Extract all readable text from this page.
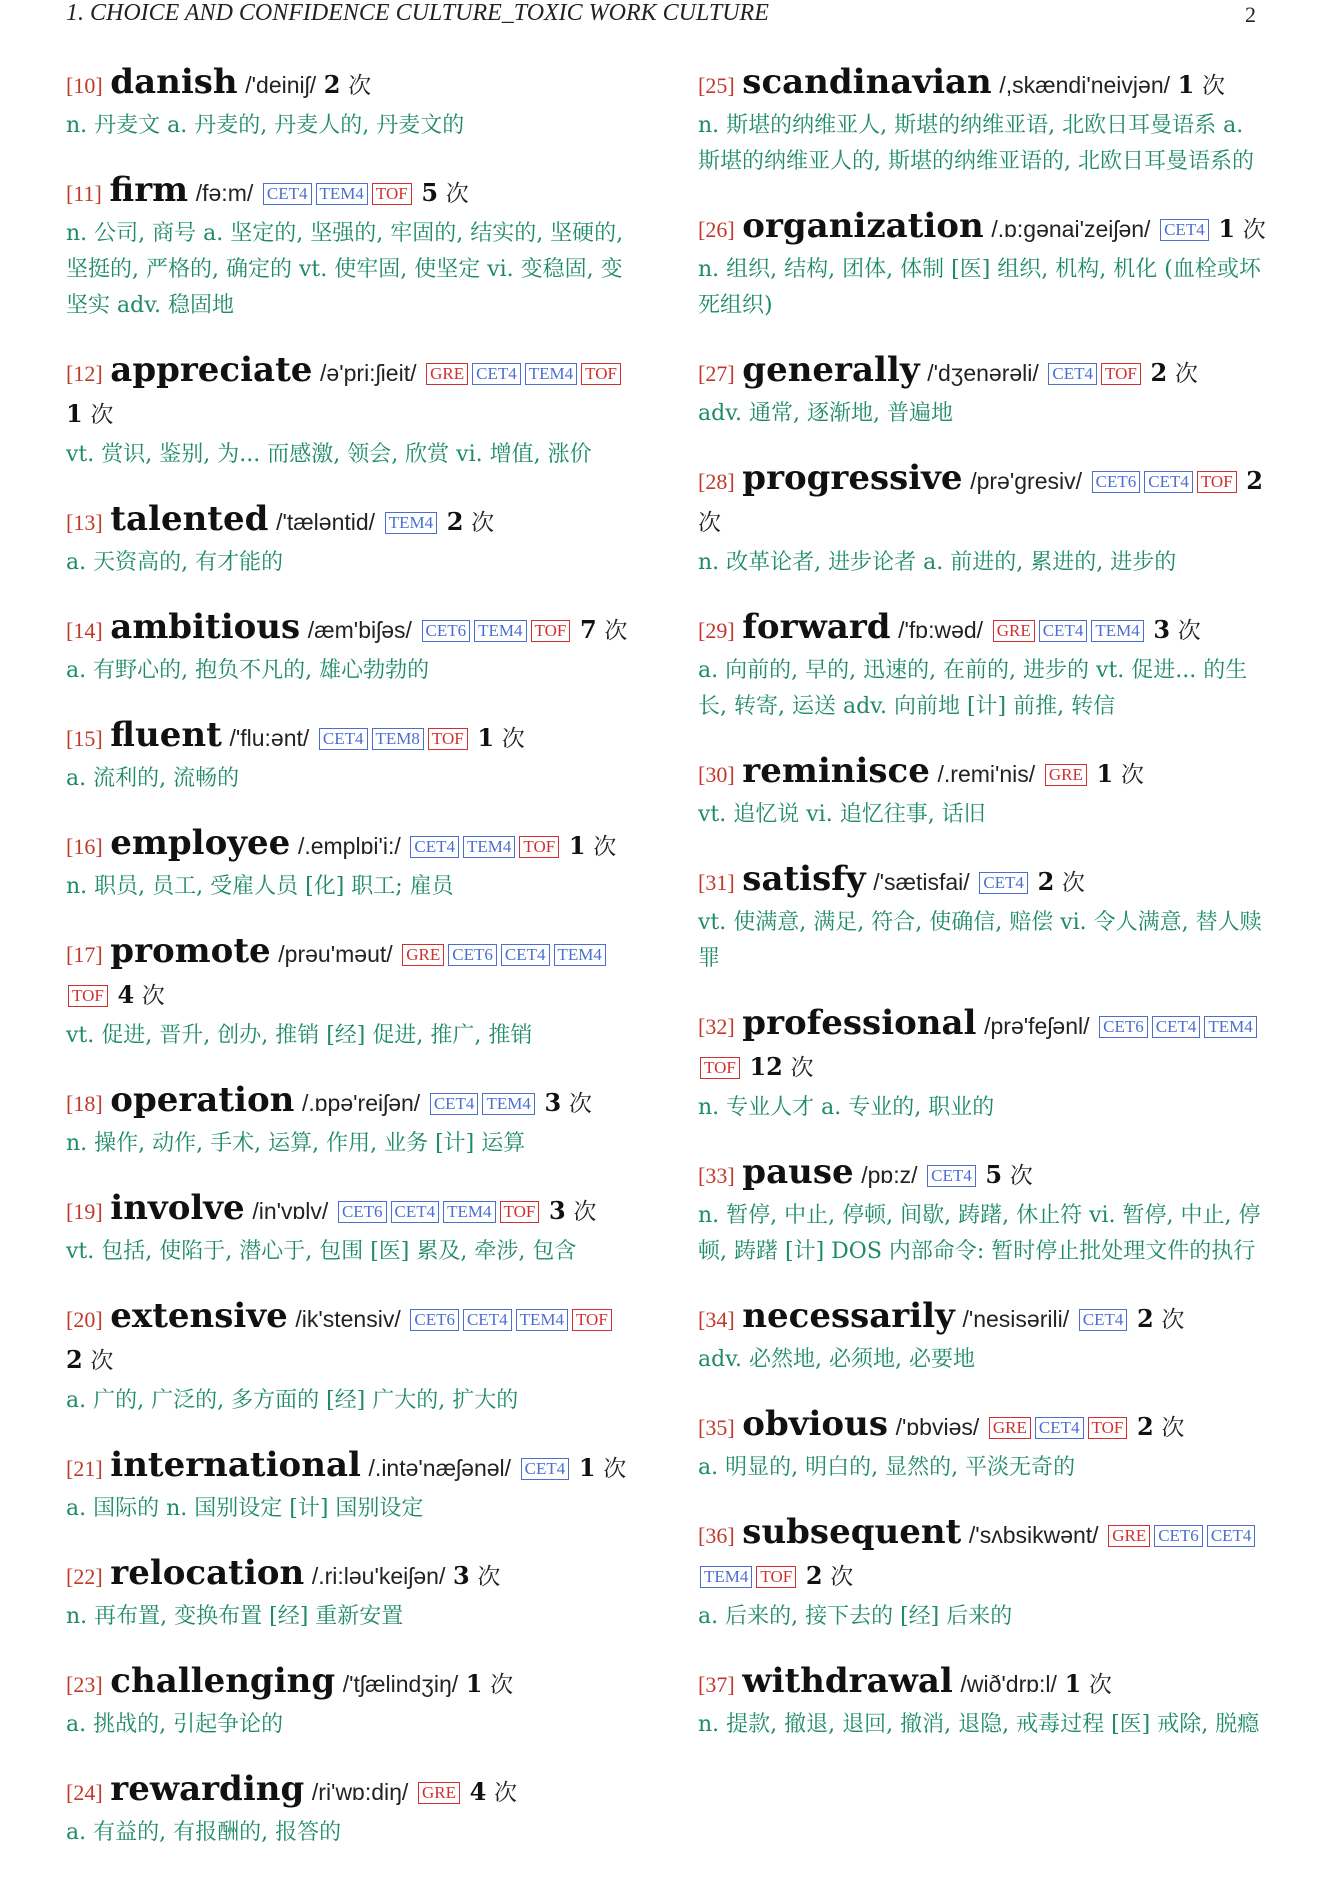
1. CHOICE AND CONFIDENCE CULTURE_TOXIC WORK CULTURE	2
[10] danish /'deiniʃ/ 2 次
n. 丹麦文 a. 丹麦的, 丹麦人的, 丹麦文的
[11] firm /fə:m/ CET4 TEM4 TOF 5 次
n. 公司, 商号 a. 坚定的, 坚强的, 牢固的, 结实的, 坚硬的, 坚挺的, 严格的, 确定的 vt. 使牢固, 使坚定 vi. 变稳固, 变坚实 adv. 稳固地
[12] appreciate /ə'pri:ʃieit/ GRE CET4 TEM4 TOF 1 次
vt. 赏识, 鉴别, 为... 而感激, 领会, 欣赏 vi. 增值, 涨价
[13] talented /'tæləntid/ TEM4 2 次
a. 天资高的, 有才能的
[14] ambitious /æm'biʃəs/ CET6 TEM4 TOF 7 次
a. 有野心的, 抱负不凡的, 雄心勃勃的
[15] fluent /'flu:ənt/ CET4 TEM8 TOF 1 次
a. 流利的, 流畅的
[16] employee /.emplɒi'i:/ CET4 TEM4 TOF 1 次
n. 职员, 员工, 受雇人员 [化] 职工; 雇员
[17] promote /prəu'məut/ GRE CET6 CET4 TEM4TOF 4 次
vt. 促进, 晋升, 创办, 推销 [经] 促进, 推广, 推销
[18] operation /.ɒpə'reiʃən/ CET4 TEM4 3 次
n. 操作, 动作, 手术, 运算, 作用, 业务 [计] 运算
[19] involve /in'vɒlv/ CET6 CET4 TEM4 TOF 3 次
vt. 包括, 使陷于, 潜心于, 包围 [医] 累及, 牵涉, 包含
[20] extensive /ik'stensiv/ CET6 CET4 TEM4 TOF 2 次
a. 广的, 广泛的, 多方面的 [经] 广大的, 扩大的
[21] international /.intə'næʃənəl/ CET4 1 次
a. 国际的 n. 国别设定 [计] 国别设定
[22] relocation /.ri:ləu'keiʃən/ 3 次
n. 再布置, 变换布置 [经] 重新安置
[23] challenging /'tʃælindʒiŋ/ 1 次
a. 挑战的, 引起争论的
[24] rewarding /ri'wɒ:diŋ/ GRE 4 次
a. 有益的, 有报酬的, 报答的
[25] scandinavian /,skændi'neivjən/ 1 次
n. 斯堪的纳维亚人, 斯堪的纳维亚语, 北欧日耳曼语系 a. 斯堪的纳维亚人的, 斯堪的纳维亚语的, 北欧日耳曼语系的
[26] organization /.ɒ:gənai'zeiʃən/ CET4 1 次
n. 组织, 结构, 团体, 体制 [医] 组织, 机构, 机化 (血栓或坏死组织)
[27] generally /'dʒenərəli/ CET4 TOF 2 次
adv. 通常, 逐渐地, 普遍地
[28] progressive /prə'gresiv/ CET6 CET4 TOF 2 次
n. 改革论者, 进步论者 a. 前进的, 累进的, 进步的
[29] forward /'fɒ:wəd/ GRE CET4 TEM4 3 次
a. 向前的, 早的, 迅速的, 在前的, 进步的 vt. 促进... 的生长, 转寄, 运送 adv. 向前地 [计] 前推, 转信
[30] reminisce /.remi'nis/ GRE 1 次
vt. 追忆说 vi. 追忆往事, 话旧
[31] satisfy /'sætisfai/ CET4 2 次
vt. 使满意, 满足, 符合, 使确信, 赔偿 vi. 令人满意, 替人赎罪
[32] professional /prə'feʃənl/ CET6 CET4 TEM4TOF 12 次
n. 专业人才 a. 专业的, 职业的
[33] pause /pɒ:z/ CET4 5 次
n. 暂停, 中止, 停顿, 间歇, 踌躇, 休止符 vi. 暂停, 中止, 停顿, 踌躇 [计] DOS 内部命令: 暂时停止批处理文件的执行
[34] necessarily /'nesisərili/ CET4 2 次
adv. 必然地, 必须地, 必要地
[35] obvious /'ɒbviəs/ GRE CET4 TOF 2 次
a. 明显的, 明白的, 显然的, 平淡无奇的
[36] subsequent /'sʌbsikwənt/ GRE CET6 CET4TEM4 TOF 2 次
a. 后来的, 接下去的 [经] 后来的
[37] withdrawal /wið'drɒ:l/ 1 次
n. 提款, 撤退, 退回, 撤消, 退隐, 戒毒过程 [医] 戒除, 脱瘾
